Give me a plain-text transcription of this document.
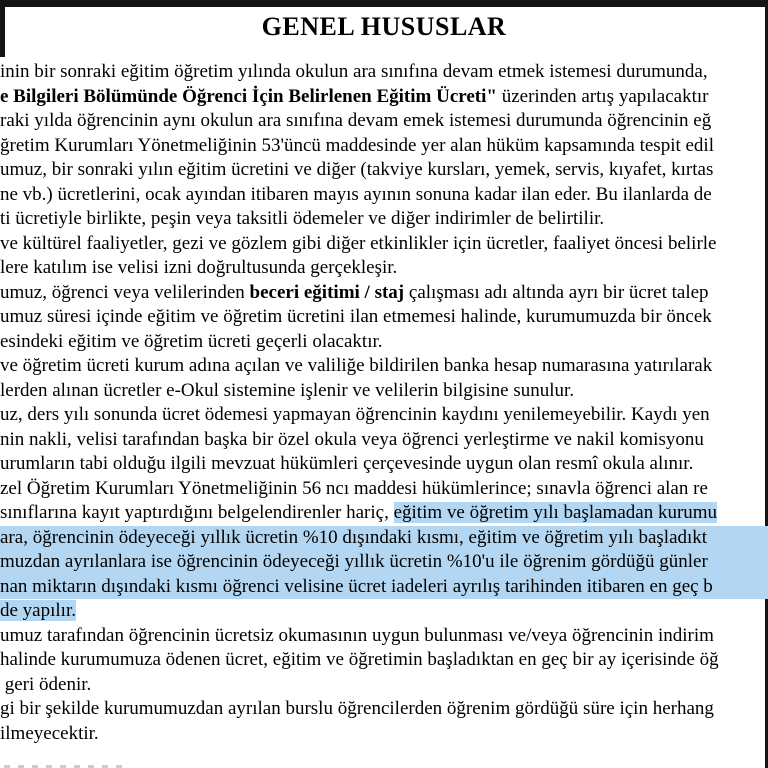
GENEL HUSUSLAR
inin bir sonraki eğitim öğretim yılında okulun ara sınıfına devam etmek istemesi durumunda,
e Bilgileri Bölümünde Öğrenci İçin Belirlenen Eğitim Ücreti" üzerinden artış yapılacaktır
raki yılda öğrencinin aynı okulun ara sınıfına devam emek istemesi durumunda öğrencinin eğ
ğretim Kurumları Yönetmeliğinin 53'üncü maddesinde yer alan hüküm kapsamında tespit edil
umuz, bir sonraki yılın eğitim ücretini ve diğer (takviye kursları, yemek, servis, kıyafet, kırtas
ne vb.) ücretlerini, ocak ayından itibaren mayıs ayının sonuna kadar ilan eder. Bu ilanlarda de
ti ücretiyle birlikte, peşin veya taksitli ödemeler ve diğer indirimler de belirtilir.
ve kültürel faaliyetler, gezi ve gözlem gibi diğer etkinlikler için ücretler, faaliyet öncesi belirle
lere katılım ise velisi izni doğrultusunda gerçekleşir.
umuz, öğrenci veya velilerinden beceri eğitimi / staj çalışması adı altında ayrı bir ücret talep
umuz süresi içinde eğitim ve öğretim ücretini ilan etmemesi halinde, kurumumuzda bir öncek
esindeki eğitim ve öğretim ücreti geçerli olacaktır.
ve öğretim ücreti kurum adına açılan ve valiliğe bildirilen banka hesap numarasına yatırılarak
lerden alınan ücretler e-Okul sistemine işlenir ve velilerin bilgisine sunulur.
uz, ders yılı sonunda ücret ödemesi yapmayan öğrencinin kaydını yenilemeyebilir. Kaydı yen
nin nakli, velisi tarafından başka bir özel okula veya öğrenci yerleştirme ve nakil komisyonu
urumların tabi olduğu ilgili mevzuat hükümleri çerçevesinde uygun olan resmî okula alınır.
zel Öğretim Kurumları Yönetmeliğinin 56 ncı maddesi hükümlerince; sınavla öğrenci alan re
sınıflarına kayıt yaptırdığını belgelendirenler hariç, eğitim ve öğretim yılı başlamadan kurumu
ara, öğrencinin ödeyeceği yıllık ücretin %10 dışındaki kısmı, eğitim ve öğretim yılı başladıkt
muzdan ayrılanlara ise öğrencinin ödeyeceği yıllık ücretin %10'u ile öğrenim gördüğü günler
nan miktarın dışındaki kısmı öğrenci velisine ücret iadeleri ayrılış tarihinden itibaren en geç b
de yapılır.
umuz tarafından öğrencinin ücretsiz okumasının uygun bulunması ve/veya öğrencinin indirim
halinde kurumumuza ödenen ücret, eğitim ve öğretimin başladıktan en geç bir ay içerisinde öğ
geri ödenir.
gi bir şekilde kurumumuzdan ayrılan burslu öğrencilerden öğrenim gördüğü süre için herhang
ilmeyecektir.
